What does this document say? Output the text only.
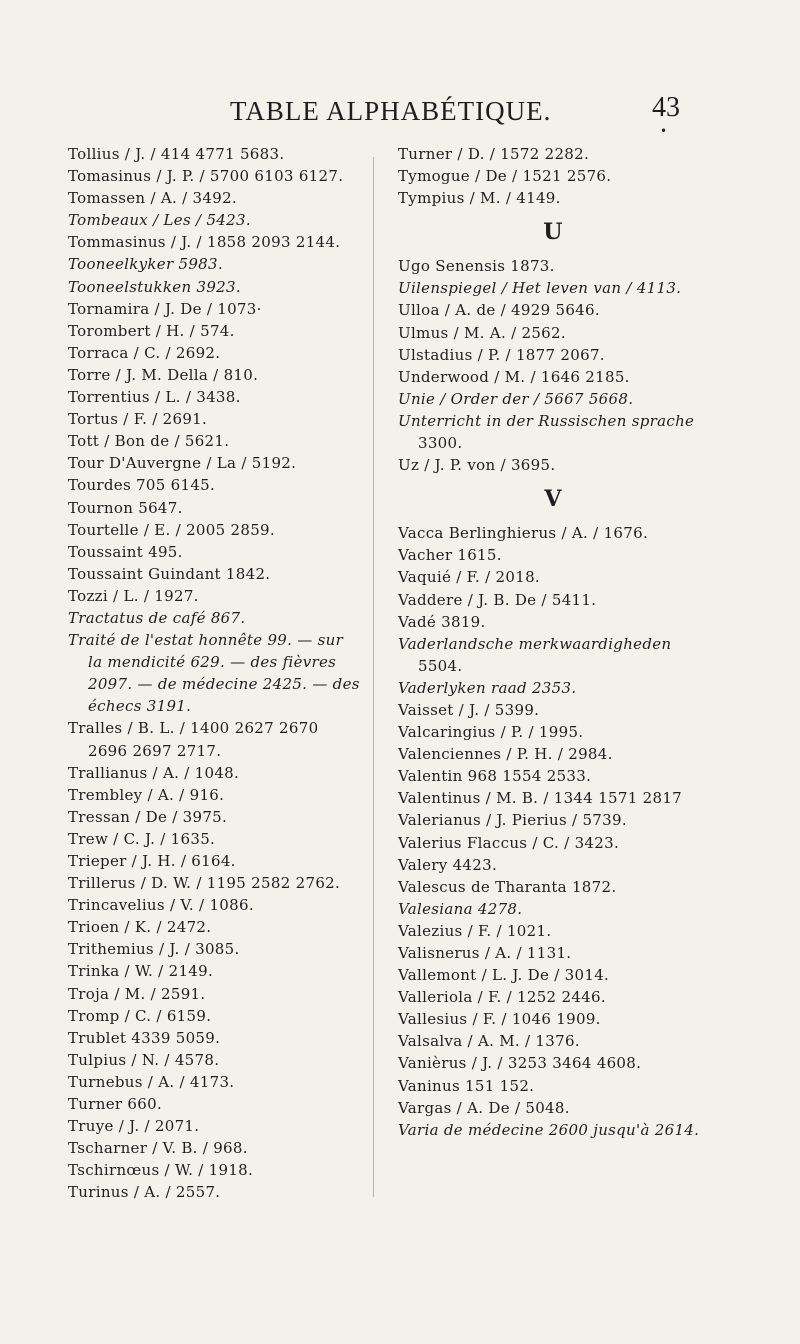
TABLE ALPHABÉTIQUE.	43
•
Tollius / J. / 414 4771 5683.
Tomasinus / J. P. / 5700 6103 6127.
Tomassen / A. / 3492.
Tombeaux / Les / 5423.
Tommasinus / J. / 1858 2093 2144.
Tooneelkyker 5983.
Tooneelstukken 3923.
Tornamira / J. De / 1073·
Torombert / H. / 574.
Torraca / C. / 2692.
Torre / J. M. Della / 810.
Torrentius / L. / 3438.
Tortus / F. / 2691.
Tott / Bon de / 5621.
Tour D'Auvergne / La / 5192.
Tourdes 705 6145.
Tournon 5647.
Tourtelle / E. / 2005 2859.
Toussaint 495.
Toussaint Guindant 1842.
Tozzi / L. / 1927.
Tractatus de café 867.
Traité de l'estat honnête 99. — sur
la mendicité 629. — des fièvres
2097. — de médecine 2425. — des
échecs 3191.
Tralles / B. L. / 1400 2627 2670
2696 2697 2717.
Trallianus / A. / 1048.
Trembley / A. / 916.
Tressan / De / 3975.
Trew / C. J. / 1635.
Trieper / J. H. / 6164.
Trillerus / D. W. / 1195 2582 2762.
Trincavelius / V. / 1086.
Trioen / K. / 2472.
Trithemius / J. / 3085.
Trinka / W. / 2149.
Troja / M. / 2591.
Tromp / C. / 6159.
Trublet 4339 5059.
Tulpius / N. / 4578.
Turnebus / A. / 4173.
Turner 660.
Truye / J. / 2071.
Tscharner / V. B. / 968.
Tschirnœus / W. / 1918.
Turinus / A. / 2557.
Turner / D. / 1572 2282.
Tymogue / De / 1521 2576.
Tympius / M. / 4149.
U
Ugo Senensis 1873.
Uilenspiegel / Het leven van / 4113.
Ulloa / A. de / 4929 5646.
Ulmus / M. A. / 2562.
Ulstadius / P. / 1877 2067.
Underwood / M. / 1646 2185.
Unie / Order der / 5667 5668.
Unterricht in der Russischen sprache
3300.
Uz / J. P. von / 3695.
V
Vacca Berlinghierus / A. / 1676.
Vacher 1615.
Vaquié / F. / 2018.
Vaddere / J. B. De / 5411.
Vadé 3819.
Vaderlandsche merkwaardigheden
5504.
Vaderlyken raad 2353.
Vaisset / J. / 5399.
Valcaringius / P. / 1995.
Valenciennes / P. H. / 2984.
Valentin 968 1554 2533.
Valentinus / M. B. / 1344 1571 2817
Valerianus / J. Pierius / 5739.
Valerius Flaccus / C. / 3423.
Valery 4423.
Valescus de Tharanta 1872.
Valesiana 4278.
Valezius / F. / 1021.
Valisnerus / A. / 1131.
Vallemont / L. J. De / 3014.
Valleriola / F. / 1252 2446.
Vallesius / F. / 1046 1909.
Valsalva / A. M. / 1376.
Vanièrus / J. / 3253 3464 4608.
Vaninus 151 152.
Vargas / A. De / 5048.
Varia de médecine 2600 jusqu'à 2614.
